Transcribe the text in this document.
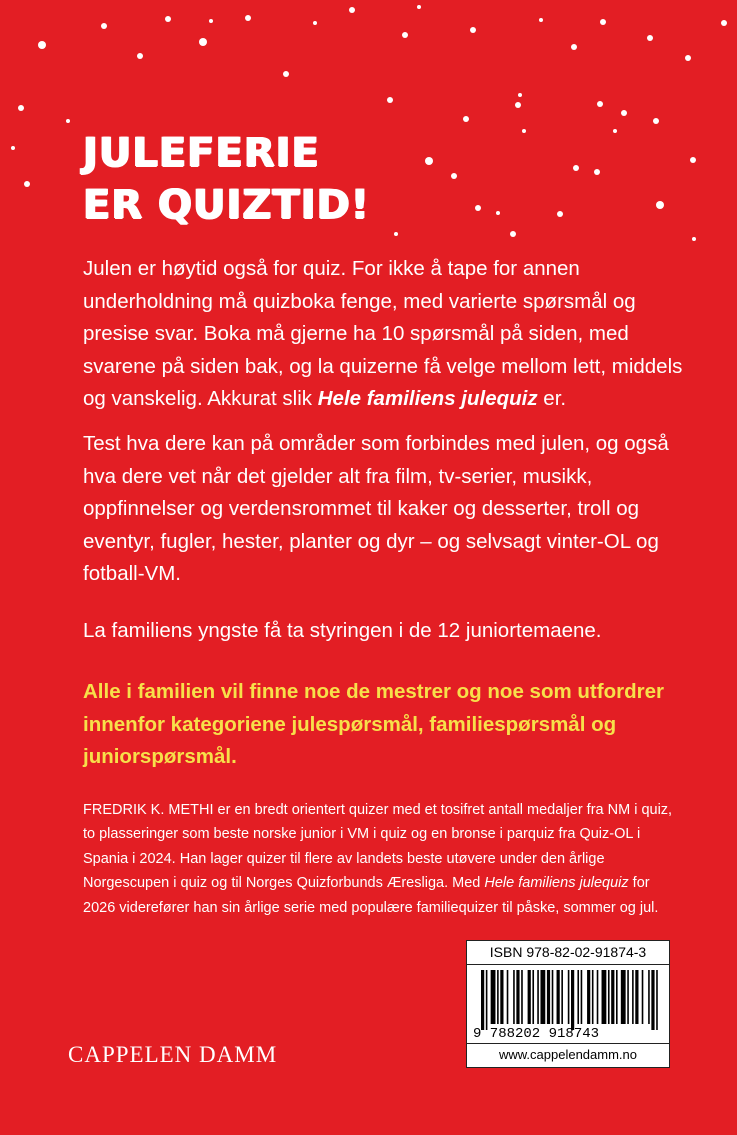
JULEFERIE
ER QUIZTID!

Julen er høytid også for quiz. For ikke å tape for annen underholdning må quizboka fenge, med varierte spørsmål og presise svar. Boka må gjerne ha 10 spørsmål på siden, med svarene på siden bak, og la quizerne få velge mellom lett, middels og vanskelig. Akkurat slik Hele familiens julequiz er.

Test hva dere kan på områder som forbindes med julen, og også hva dere vet når det gjelder alt fra film, tv-serier, musikk, oppfinnelser og verdensrommet til kaker og desserter, troll og eventyr, fugler, hester, planter og dyr – og selvsagt vinter-OL og fotball-VM.

La familiens yngste få ta styringen i de 12 juniortemaene.

Alle i familien vil finne noe de mestrer og noe som utfordrer innenfor kategoriene julespørsmål, familiespørsmål og juniorspørsmål.

FREDRIK K. METHI er en bredt orientert quizer med et tosifret antall medaljer fra NM i quiz, to plasseringer som beste norske junior i VM i quiz og en bronse i parquiz fra Quiz-OL i Spania i 2024. Han lager quizer til flere av landets beste utøvere under den årlige Norgescupen i quiz og til Norges Quizforbunds Æresliga. Med Hele familiens julequiz for 2026 viderefører han sin årlige serie med populære familiequizer til påske, sommer og jul.

CAPPELEN DAMM
ISBN 978-82-02-91874-3
9 788202 918743
www.cappelendamm.no
